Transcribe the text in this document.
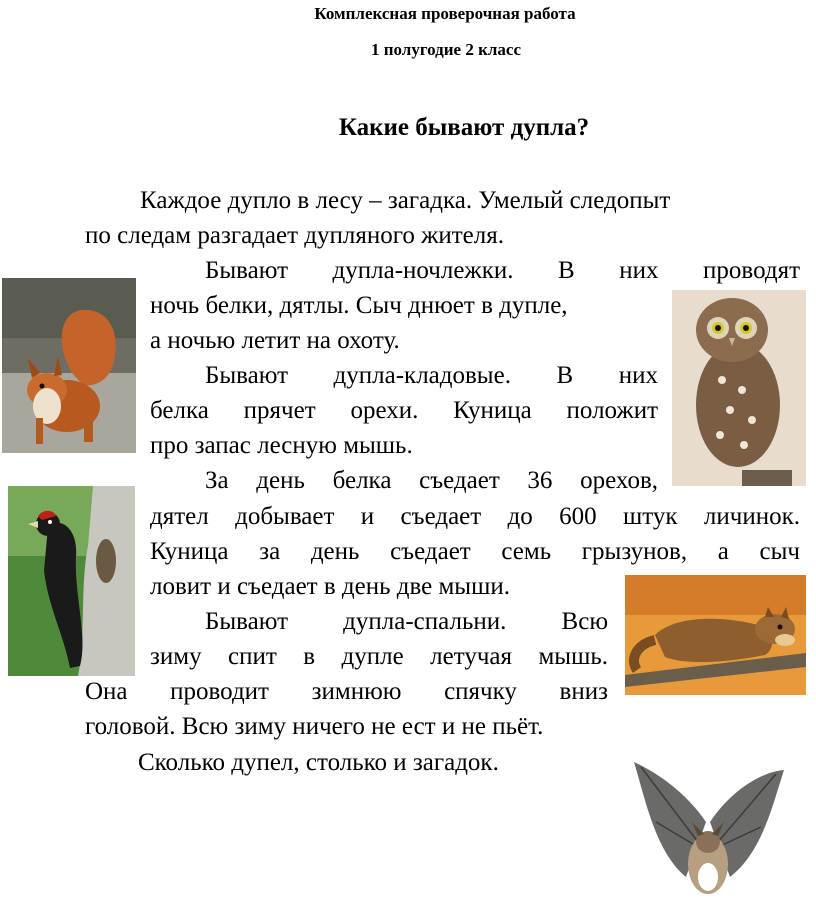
Комплексная проверочная работа
1 полугодие 2 класс
Какие бывают дупла?
Каждое дупло в лесу – загадка. Умелый следопыт
по следам разгадает дупляного жителя.
Бывают дупла-ночлежки. В них проводят
ночь белки, дятлы. Сыч днюет в дупле,
а ночью летит на охоту.
Бывают дупла-кладовые. В них
белка прячет орехи. Куница положит
про запас лесную мышь.
За день белка съедает 36 орехов,
дятел добывает и съедает до 600 штук личинок.
Куница за день съедает семь грызунов, а сыч
ловит и съедает в день две мыши.
Бывают дупла-спальни. Всю
зиму спит в дупле летучая мышь.
Она проводит зимнюю спячку вниз
головой. Всю зиму ничего не ест и не пьёт.
Сколько дупел, столько и загадок.
